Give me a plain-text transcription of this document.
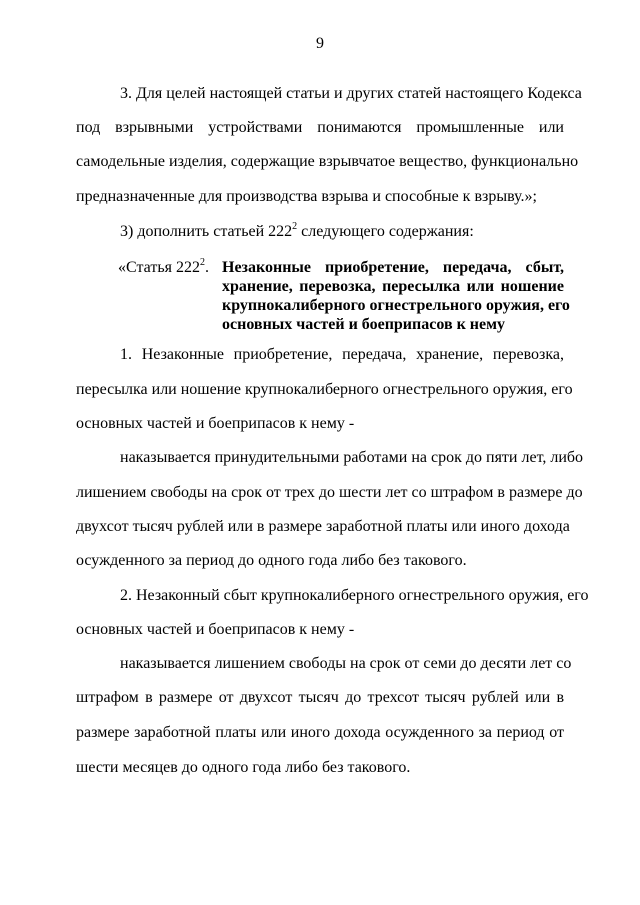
9
3. Для целей настоящей статьи и других статей настоящего Кодекса
под взрывными устройствами понимаются промышленные или
самодельные изделия, содержащие взрывчатое вещество, функционально
предназначенные для производства взрыва и способные к взрыву.»;
3) дополнить статьей $222^2$ следующего содержания:
«Статья $222^2$. Незаконные приобретение, передача, сбыт,
хранение, перевозка, пересылка или ношение
крупнокалиберного огнестрельного оружия, его
основных частей и боеприпасов к нему
1. Незаконные приобретение, передача, хранение, перевозка,
пересылка или ношение крупнокалиберного огнестрельного оружия, его
основных частей и боеприпасов к нему -
наказывается принудительными работами на срок до пяти лет, либо
лишением свободы на срок от трех до шести лет со штрафом в размере до
двухсот тысяч рублей или в размере заработной платы или иного дохода
осужденного за период до одного года либо без такового.
2. Незаконный сбыт крупнокалиберного огнестрельного оружия, его
основных частей и боеприпасов к нему -
наказывается лишением свободы на срок от семи до десяти лет со
штрафом в размере от двухсот тысяч до трехсот тысяч рублей или в
размере заработной платы или иного дохода осужденного за период от
шести месяцев до одного года либо без такового.
